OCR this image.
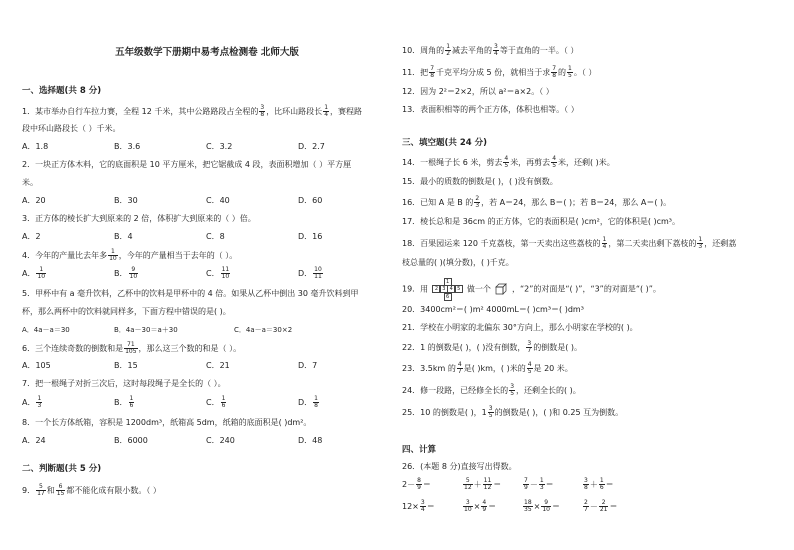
五年级数学下册期中易考点检测卷 北师大版
一、选择题(共 8 分)
1．某市举办自行车拉力赛，全程 12 千米，其中公路路段占全程的 $\frac{3}{8}$ ，比环山路段长 $\frac{1}{4}$ ，赛程路
段中环山路段长（ ）千米。
A．1.8	B．3.6	C．3.2	D．2.7
2．一块正方体木料，它的底面积是 10 平方厘米，把它锯截成 4 段，表面积增加（ ）平方厘
米。
A．20	B．30	C．40	D．60
3．正方体的棱长扩大到原来的 2 倍，体积扩大到原来的（ ）倍。
A．2	B．4	C．8	D．16
4．今年的产量比去年多 $\frac{1}{10}$ ，今年的产量相当于去年的（ ）。
A． $\frac{1}{10}$	B． $\frac{9}{10}$	C． $\frac{11}{10}$	D． $\frac{10}{11}$
5．甲杯中有 a 毫升饮料，乙杯中的饮料是甲杯中的 4 倍。如果从乙杯中倒出 30 毫升饮料到甲
杯，那么两杯中的饮料就同样多，下面方程中错误的是( )。
A．4a－a＝30	B．4a－30＝a＋30	C．4a－a＝30×2
6．三个连续奇数的倒数和是 $\frac{71}{105}$ ，那么这三个数的和是（ ）。
A．105	B．15	C．21	D．7
7．把一根绳子对折三次后，这时每段绳子是全长的（ ）。
A． $\frac{1}{3}$	B． $\frac{1}{6}$	C． $\frac{1}{6}$	D． $\frac{1}{8}$
8．一个长方体纸箱，容积是 1200dm³，纸箱高 5dm，纸箱的底面积是( )dm²。
A．24	B．6000	C．240	D．48
二、判断题(共 5 分)
9． $\frac{5}{17}$ 和 $\frac{6}{15}$ 都不能化成有限小数。（ ）
10．周角的 $\frac{1}{2}$ 减去平角的 $\frac{3}{4}$ 等于直角的一半。（ ）
11．把 $\frac{7}{8}$ 千克平均分成 5 份，就相当于求 $\frac{7}{8}$ 的 $\frac{1}{5}$ 。（ ）
12．因为 2²＝2×2，所以 a²＝a×2。（ ）
13．表面积相等的两个正方体，体积也相等。（ ）
三、填空题(共 24 分)
14．一根绳子长 6 米，剪去 $\frac{4}{5}$ 米，再剪去 $\frac{4}{5}$ 米，还剩( )米。
15．最小的质数的倒数是( )，( )没有倒数。
16．已知 A 是 B 的 $\frac{2}{3}$ ，若 A＝24，那么 B＝( )；若 B＝24，那么 A＝( )。
17．棱长总和是 36cm 的正方体，它的表面积是( )cm²，它的体积是( )cm³。
18．百果园运来 120 千克荔枝，第一天卖出这些荔枝的 $\frac{1}{4}$ ，第二天卖出剩下荔枝的 $\frac{1}{3}$ ，还剩荔
枝总量的( )(填分数)，( )千克。
19．用
1
2 3 4 5
6
做一个	，“2”的对面是“( )”，“3”的对面是“( )”。
20．3400cm²＝( )m² 4000mL＝( )cm³＝( )dm³
21．学校在小明家的北偏东 30°方向上，那么小明家在学校的( )。
22．1 的倒数是( )，( )没有倒数， $\frac{3}{7}$ 的倒数是( )。
23．3.5km 的 $\frac{4}{7}$ 是( )km，( )米的 $\frac{4}{5}$ 是 20 米。
24．修一段路，已经修全长的 $\frac{3}{5}$ ，还剩全长的( )。
25．10 的倒数是( )，$1 \frac{3}{5}$ 的倒数是( )，( )和 0.25 互为倒数。
四、计算
26．(本题 8 分)直接写出得数。
$2- \frac{8}{9}$ ＝	$\frac{5}{12} + \frac{11}{12}$ ＝	$\frac{7}{9} - \frac{1}{3}$ ＝	$\frac{3}{8} + \frac{1}{6}$ ＝
$12\times \frac{3}{4}$ ＝	$\frac{3}{10} \times \frac{4}{9}$ ＝	$\frac{18}{35} \times \frac{9}{10}$ ＝	$\frac{2}{7} - \frac{2}{21}$ ＝
